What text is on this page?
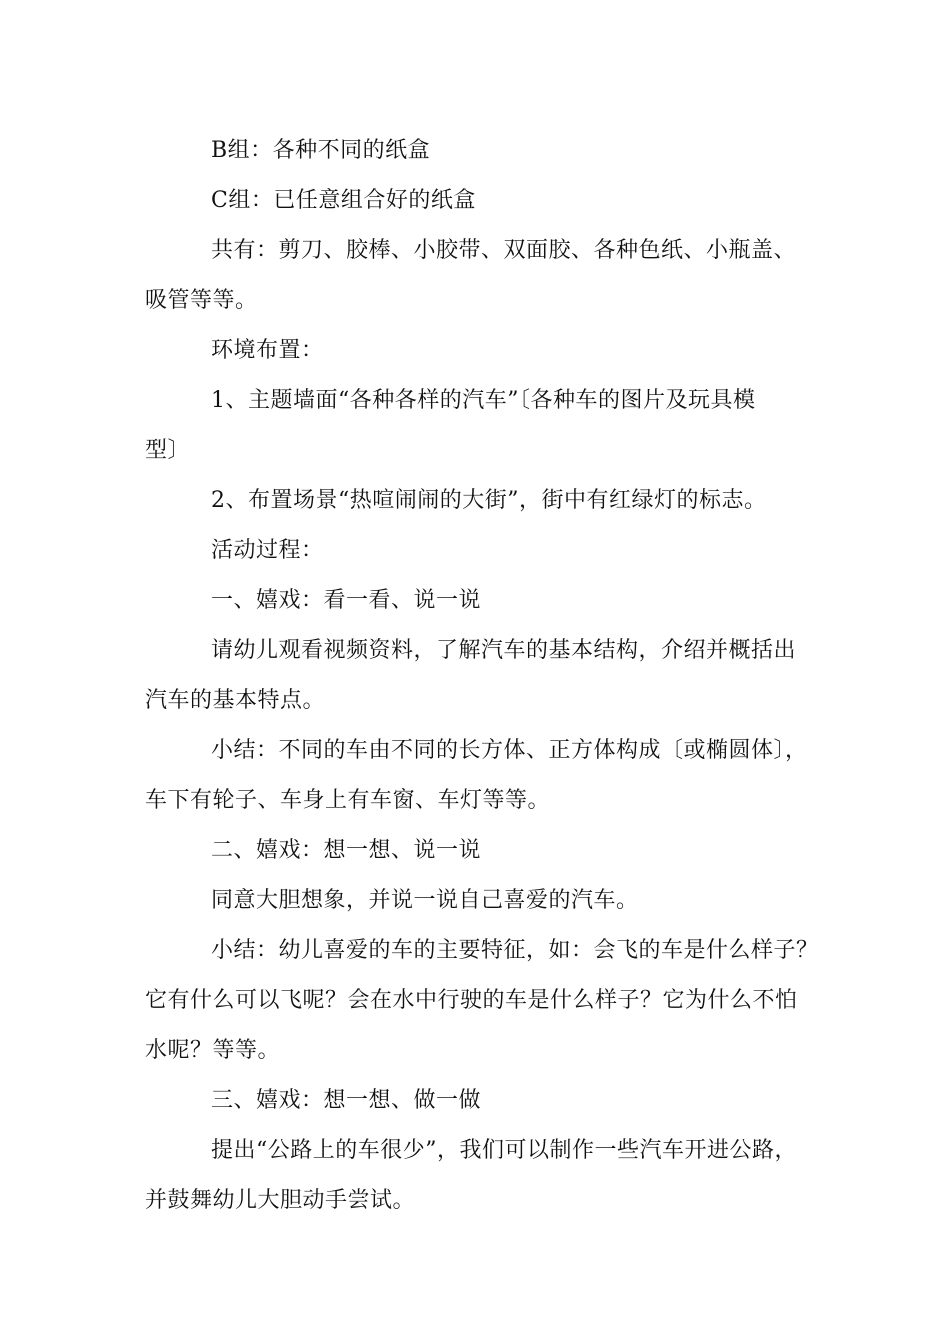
B组：各种不同的纸盒
C组：已任意组合好的纸盒
共有：剪刀、胶棒、小胶带、双面胶、各种色纸、小瓶盖、
吸管等等。
环境布置：
1、主题墙面“各种各样的汽车”〔各种车的图片及玩具模
型〕
2、布置场景“热喧闹闹的大街”，街中有红绿灯的标志。
活动过程：
一、嬉戏：看一看、说一说
请幼儿观看视频资料，了解汽车的基本结构，介绍并概括出
汽车的基本特点。
小结：不同的车由不同的长方体、正方体构成〔或椭圆体〕，
车下有轮子、车身上有车窗、车灯等等。
二、嬉戏：想一想、说一说
同意大胆想象，并说一说自己喜爱的汽车。
小结：幼儿喜爱的车的主要特征，如：会飞的车是什么样子？
它有什么可以飞呢？会在水中行驶的车是什么样子？它为什么不怕
水呢？等等。
三、嬉戏：想一想、做一做
提出“公路上的车很少”，我们可以制作一些汽车开进公路，
并鼓舞幼儿大胆动手尝试。
